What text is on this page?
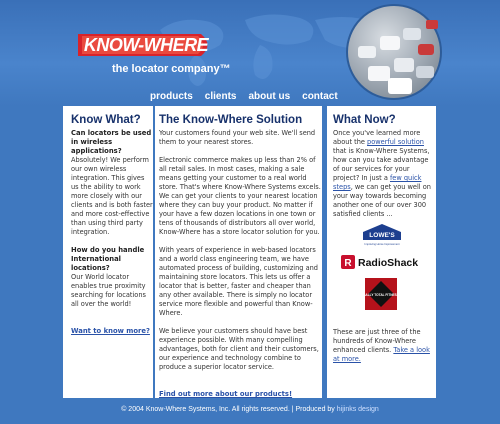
KNOW-WHERE
the locator company™
products clients about us contact
Know What?
Can locators be used in wireless applications?
Absolutely! We perform our own wireless integration. This gives us the ability to work more closely with our clients and is both faster and more cost-effective than using third party integration.
How do you handle International locations?
Our World locator enables true proximity searching for locations all over the world!
Want to know more?
The Know-Where Solution
Your customers found your web site. We'll send them to your nearest stores.
Electronic commerce makes up less than 2% of all retail sales. In most cases, making a sale means getting your customer to a real world store. That's where Know-Where Systems excels. We can get your clients to your nearest location where they can buy your product. No matter if your have a few dozen locations in one town or tens of thousands of distributors all over world, Know-Where has a store locator solution for you.
With years of experience in web-based locators and a world class engineering team, we have automated process of building, customizing and maintaining store locators. This lets us offer a locator that is better, faster and cheaper than any other available. There is simply no locator service more flexible and powerful than Know-Where.
We believe your customers should have best experience possible. With many compelling advantages, both for client and their customers, our experience and technology combine to produce a superior locator service.
Find out more about our products!
What Now?
Once you've learned more about the powerful solution that is Know-Where Systems, how can you take advantage of our services for your project? In just a few quick steps, we can get you well on your way towards becoming another one of our over 300 satisfied clients ...
LOWE'S
Improving Home Improvement
R RadioShack
BALLY TOTAL FITNESS
These are just three of the hundreds of Know-Where enhanced clients. Take a look at more.
© 2004 Know-Where Systems, Inc. All rights reserved. | Produced by hijinks design
